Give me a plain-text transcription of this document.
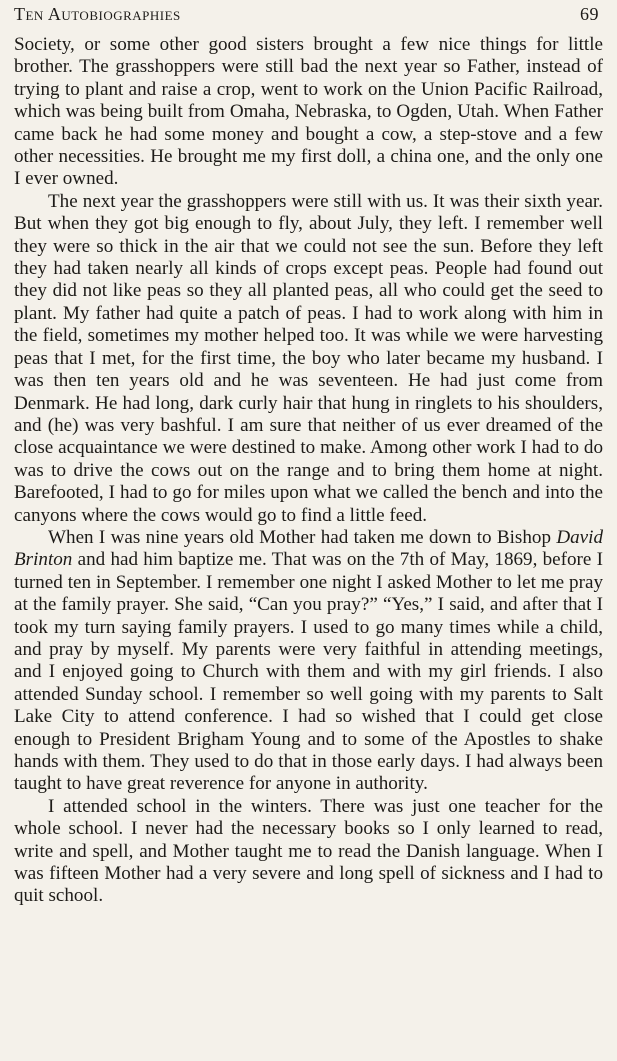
Ten Autobiographies	69

Society, or some other good sisters brought a few nice things for little brother. The grasshoppers were still bad the next year so Father, instead of trying to plant and raise a crop, went to work on the Union Pacific Railroad, which was being built from Omaha, Nebraska, to Ogden, Utah. When Father came back he had some money and bought a cow, a step-stove and a few other necessities. He brought me my first doll, a china one, and the only one I ever owned.

The next year the grasshoppers were still with us. It was their sixth year. But when they got big enough to fly, about July, they left. I remember well they were so thick in the air that we could not see the sun. Before they left they had taken nearly all kinds of crops except peas. People had found out they did not like peas so they all planted peas, all who could get the seed to plant. My father had quite a patch of peas. I had to work along with him in the field, sometimes my mother helped too. It was while we were harvesting peas that I met, for the first time, the boy who later became my husband. I was then ten years old and he was seventeen. He had just come from Denmark. He had long, dark curly hair that hung in ringlets to his shoulders, and (he) was very bashful. I am sure that neither of us ever dreamed of the close acquaintance we were destined to make. Among other work I had to do was to drive the cows out on the range and to bring them home at night. Barefooted, I had to go for miles upon what we called the bench and into the canyons where the cows would go to find a little feed.

When I was nine years old Mother had taken me down to Bishop David Brinton and had him baptize me. That was on the 7th of May, 1869, before I turned ten in September. I remember one night I asked Mother to let me pray at the family prayer. She said, “Can you pray?” “Yes,” I said, and after that I took my turn saying family prayers. I used to go many times while a child, and pray by myself. My parents were very faithful in attending meetings, and I enjoyed going to Church with them and with my girl friends. I also attended Sunday school. I remember so well going with my parents to Salt Lake City to attend conference. I had so wished that I could get close enough to President Brigham Young and to some of the Apostles to shake hands with them. They used to do that in those early days. I had always been taught to have great reverence for anyone in authority.

I attended school in the winters. There was just one teacher for the whole school. I never had the necessary books so I only learned to read, write and spell, and Mother taught me to read the Danish language. When I was fifteen Mother had a very severe and long spell of sickness and I had to quit school.
